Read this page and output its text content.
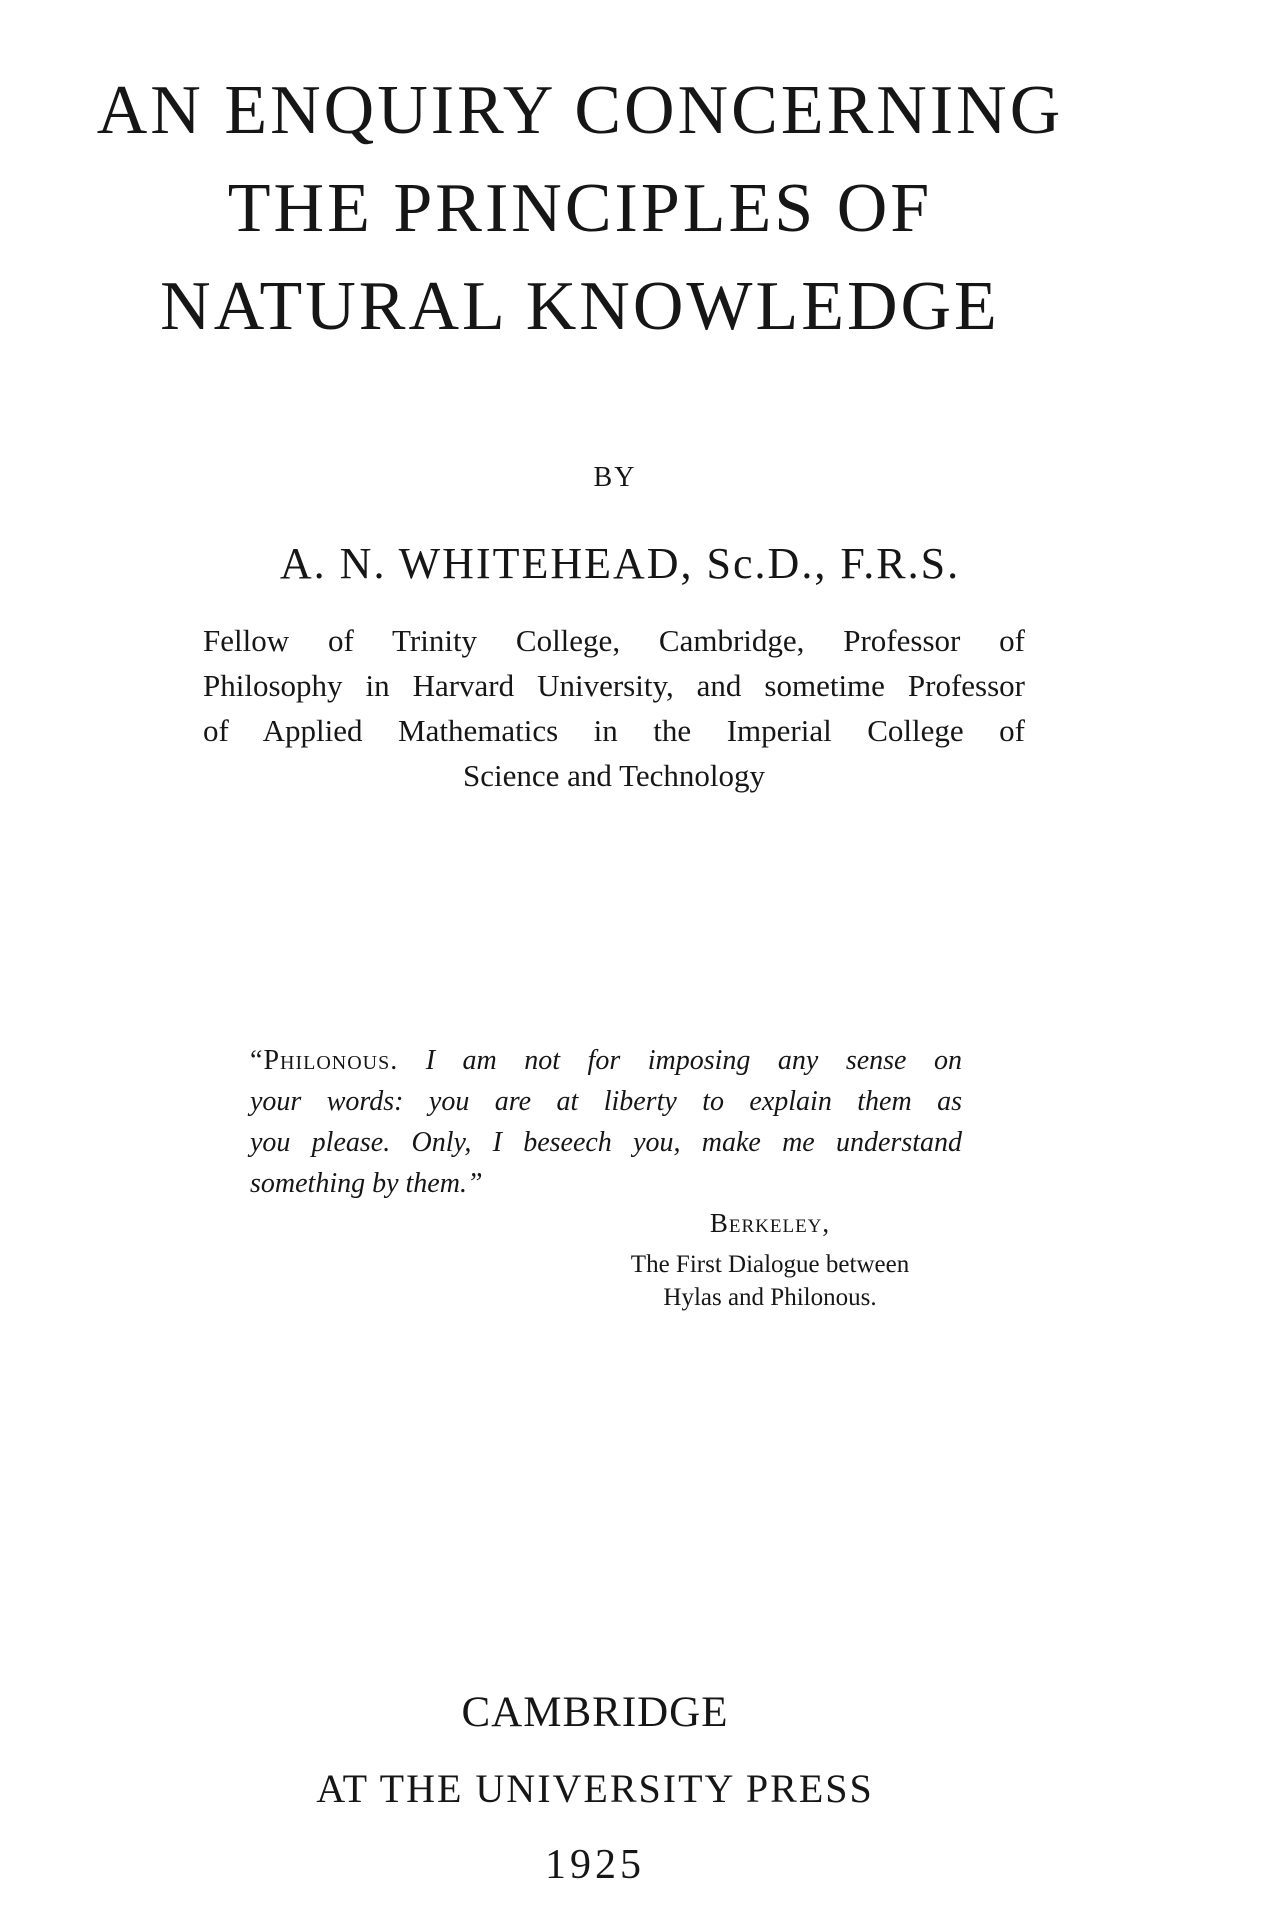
AN ENQUIRY CONCERNING
THE PRINCIPLES OF
NATURAL KNOWLEDGE
BY
A. N. WHITEHEAD, Sc.D., F.R.S.
Fellow of Trinity College, Cambridge, Professor of
Philosophy in Harvard University, and sometime Professor
of Applied Mathematics in the Imperial College of
Science and Technology
“Philonous. I am not for imposing any sense on
your words: you are at liberty to explain them as
you please. Only, I beseech you, make me understand
something by them.”
Berkeley,
The First Dialogue between
Hylas and Philonous.

CAMBRIDGE

AT THE UNIVERSITY PRESS

1925
